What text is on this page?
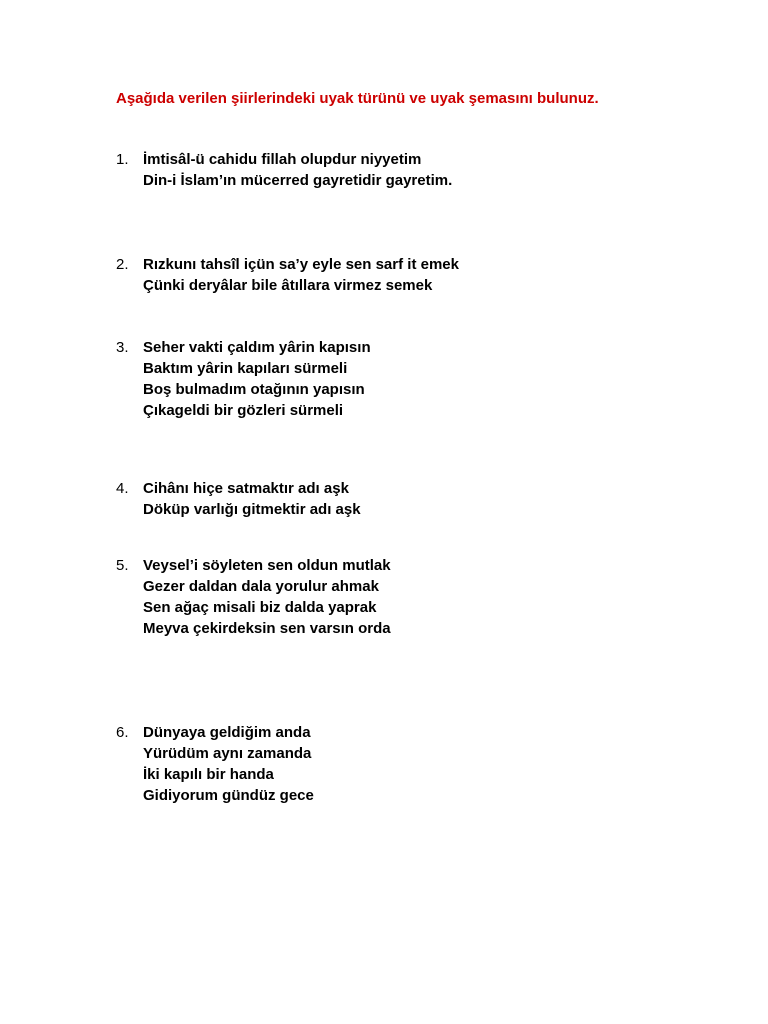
Aşağıda verilen şiirlerindeki uyak türünü ve uyak şemasını bulunuz.
1. İmtisâl-ü cahidu fillah olupdur niyyetim
Din-i İslam’ın mücerred gayretidir gayretim.
2. Rızkunı tahsîl içün sa’y eyle sen sarf it emek
Çünki deryâlar bile âtıllara virmez semek
3. Seher vakti çaldım yârin kapısın
Baktım yârin kapıları sürmeli
Boş bulmadım otağının yapısın
Çıkageldi bir gözleri sürmeli
4. Cihânı hiçe satmaktır adı aşk
Döküp varlığı gitmektir adı aşk
5. Veysel’i söyleten sen oldun mutlak
Gezer daldan dala yorulur ahmak
Sen ağaç misali biz dalda yaprak
Meyva çekirdeksin sen varsın orda
6. Dünyaya geldiğim anda
Yürüdüm aynı zamanda
İki kapılı bir handa
Gidiyorum gündüz gece
